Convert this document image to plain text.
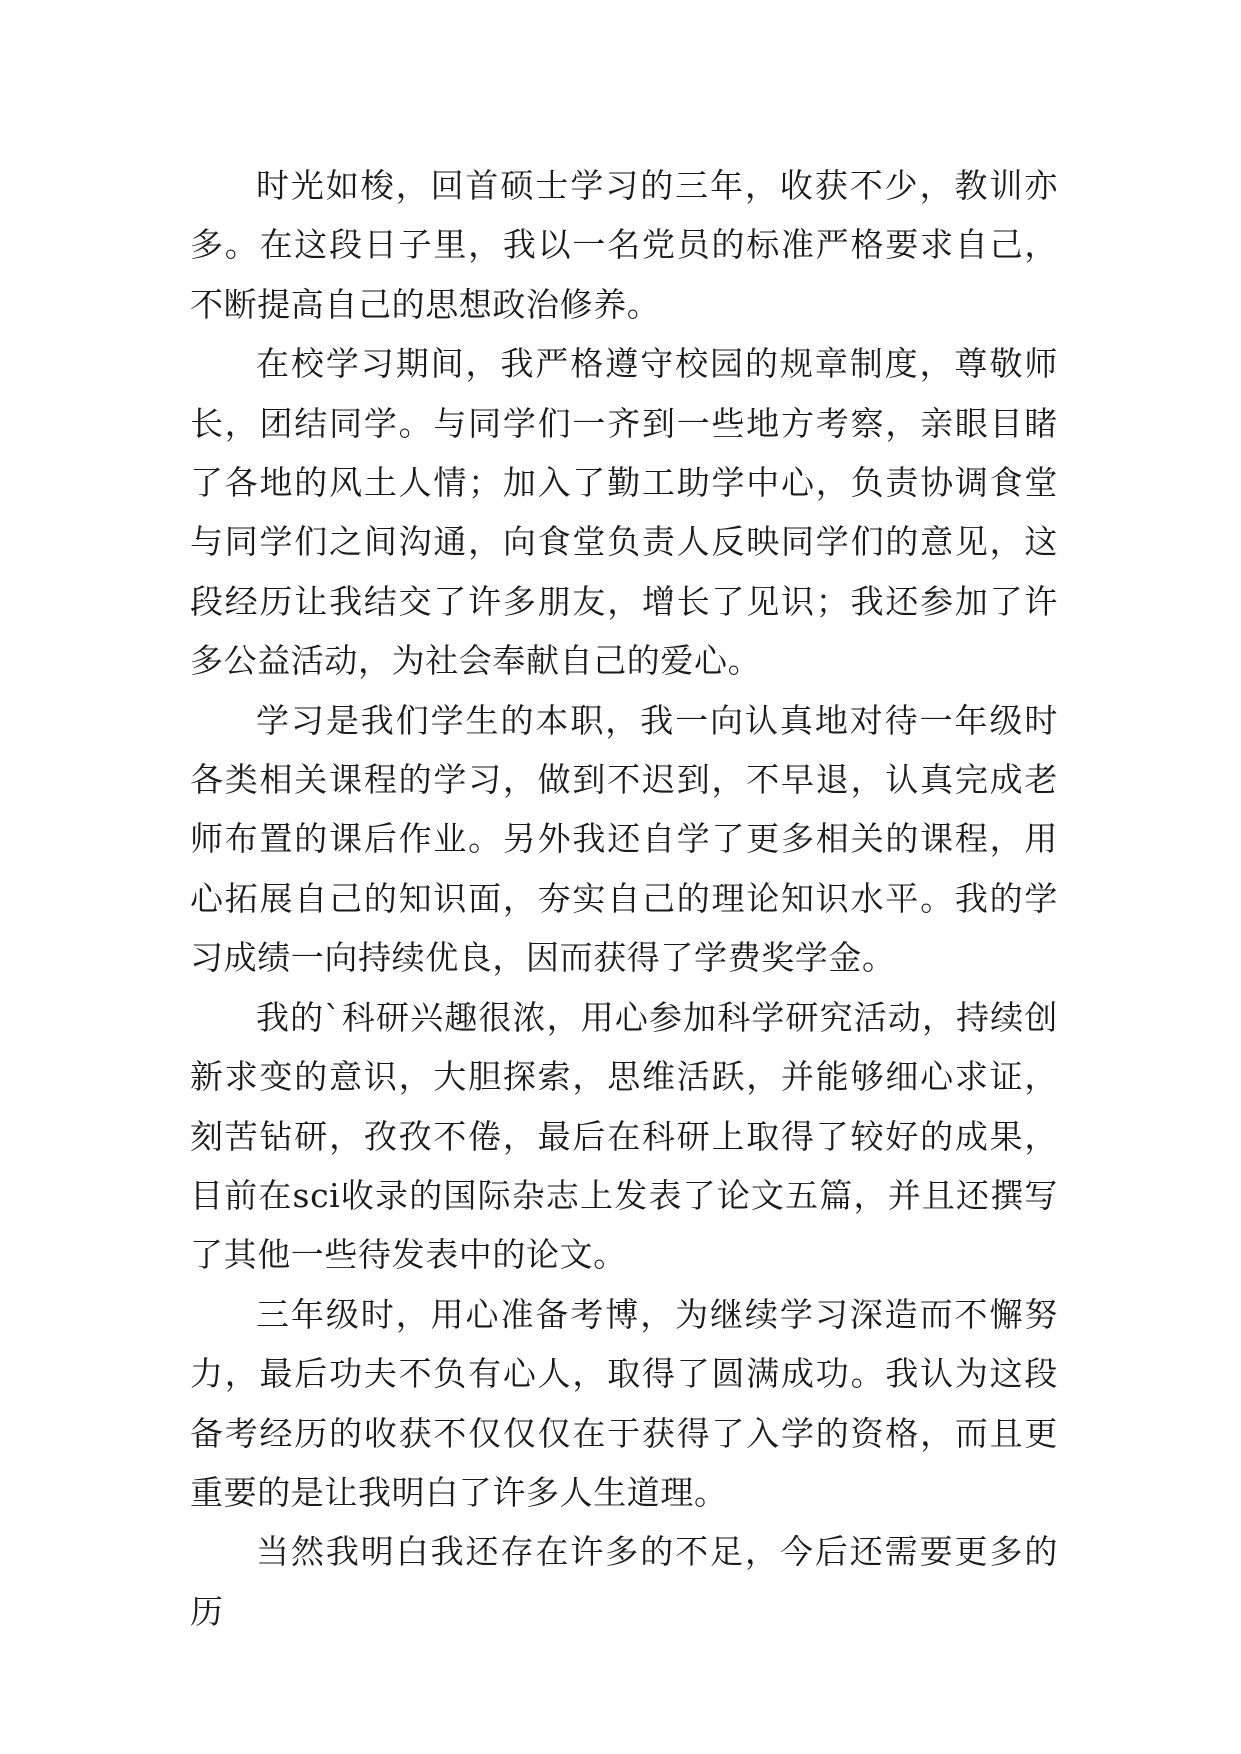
时光如梭，回首硕士学习的三年，收获不少，教训亦多。在这段日子里，我以一名党员的标准严格要求自己，不断提高自己的思想政治修养。

在校学习期间，我严格遵守校园的规章制度，尊敬师长，团结同学。与同学们一齐到一些地方考察，亲眼目睹了各地的风土人情；加入了勤工助学中心，负责协调食堂与同学们之间沟通，向食堂负责人反映同学们的意见，这段经历让我结交了许多朋友，增长了见识；我还参加了许多公益活动，为社会奉献自己的爱心。

学习是我们学生的本职，我一向认真地对待一年级时各类相关课程的学习，做到不迟到，不早退，认真完成老师布置的课后作业。另外我还自学了更多相关的课程，用心拓展自己的知识面，夯实自己的理论知识水平。我的学习成绩一向持续优良，因而获得了学费奖学金。

我的`科研兴趣很浓，用心参加科学研究活动，持续创新求变的意识，大胆探索，思维活跃，并能够细心求证，刻苦钻研，孜孜不倦，最后在科研上取得了较好的成果，目前在sci收录的国际杂志上发表了论文五篇，并且还撰写了其他一些待发表中的论文。

三年级时，用心准备考博，为继续学习深造而不懈努力，最后功夫不负有心人，取得了圆满成功。我认为这段备考经历的收获不仅仅仅在于获得了入学的资格，而且更重要的是让我明白了许多人生道理。

当然我明白我还存在许多的不足，今后还需要更多的历
